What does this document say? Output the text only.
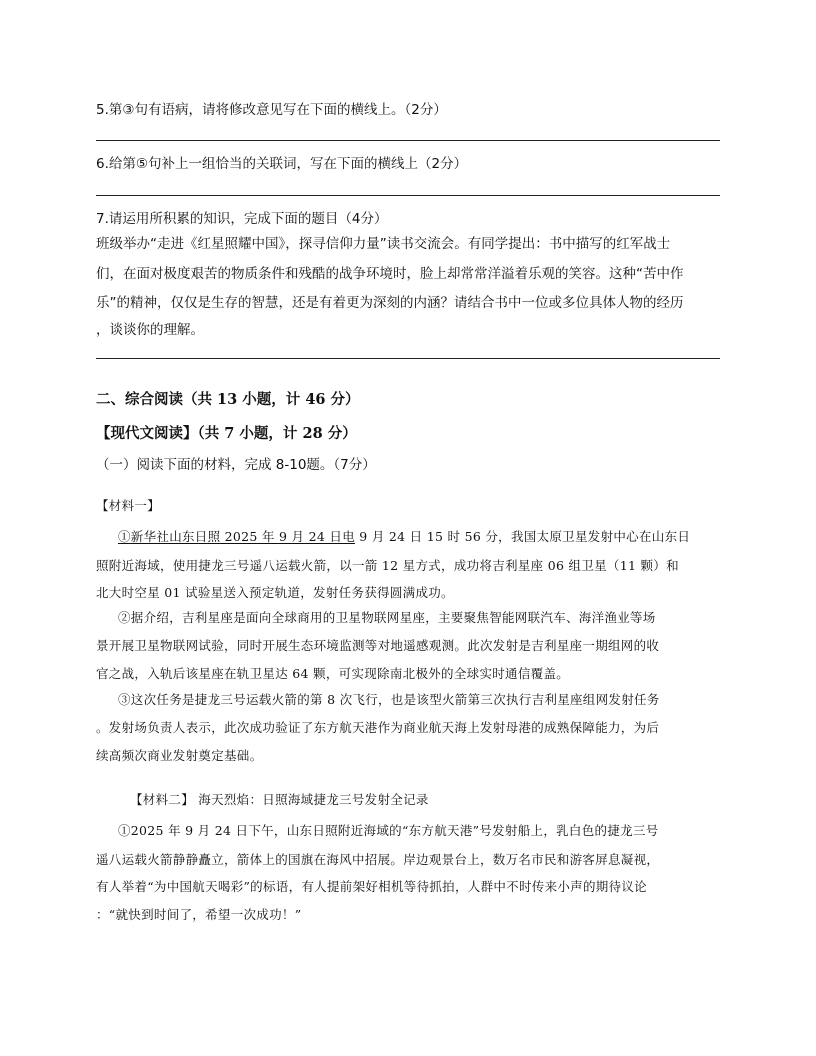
5.第③句有语病，请将修改意见写在下面的横线上。（2分）
6.给第⑤句补上一组恰当的关联词，写在下面的横线上（2分）
7.请运用所积累的知识，完成下面的题目（4分）
班级举办“走进《红星照耀中国》，探寻信仰力量”读书交流会。有同学提出：书中描写的红军战士
们，在面对极度艰苦的物质条件和残酷的战争环境时，脸上却常常洋溢着乐观的笑容。这种“苦中作
乐”的精神，仅仅是生存的智慧，还是有着更为深刻的内涵？请结合书中一位或多位具体人物的经历
，谈谈你的理解。
二、综合阅读（共 13 小题，计 46 分）
【现代文阅读】（共 7 小题，计 28 分）
（一）阅读下面的材料，完成 8-10题。（7分）
【材料一】
①新华社山东日照 2025 年 9 月 24 日电 9 月 24 日 15 时 56 分，我国太原卫星发射中心在山东日
照附近海域，使用捷龙三号遥八运载火箭，以一箭 12 星方式，成功将吉利星座 06 组卫星（11 颗）和
北大时空星 01 试验星送入预定轨道，发射任务获得圆满成功。
②据介绍，吉利星座是面向全球商用的卫星物联网星座，主要聚焦智能网联汽车、海洋渔业等场
景开展卫星物联网试验，同时开展生态环境监测等对地遥感观测。此次发射是吉利星座一期组网的收
官之战，入轨后该星座在轨卫星达 64 颗，可实现除南北极外的全球实时通信覆盖。
③这次任务是捷龙三号运载火箭的第 8 次飞行，也是该型火箭第三次执行吉利星座组网发射任务
。发射场负责人表示，此次成功验证了东方航天港作为商业航天海上发射母港的成熟保障能力，为后
续高频次商业发射奠定基础。
【材料二】 海天烈焰：日照海域捷龙三号发射全记录
①2025 年 9 月 24 日下午，山东日照附近海域的“东方航天港”号发射船上，乳白色的捷龙三号
遥八运载火箭静静矗立，箭体上的国旗在海风中招展。岸边观景台上，数万名市民和游客屏息凝视，
有人举着“为中国航天喝彩”的标语，有人提前架好相机等待抓拍，人群中不时传来小声的期待议论
：“就快到时间了，希望一次成功！”
